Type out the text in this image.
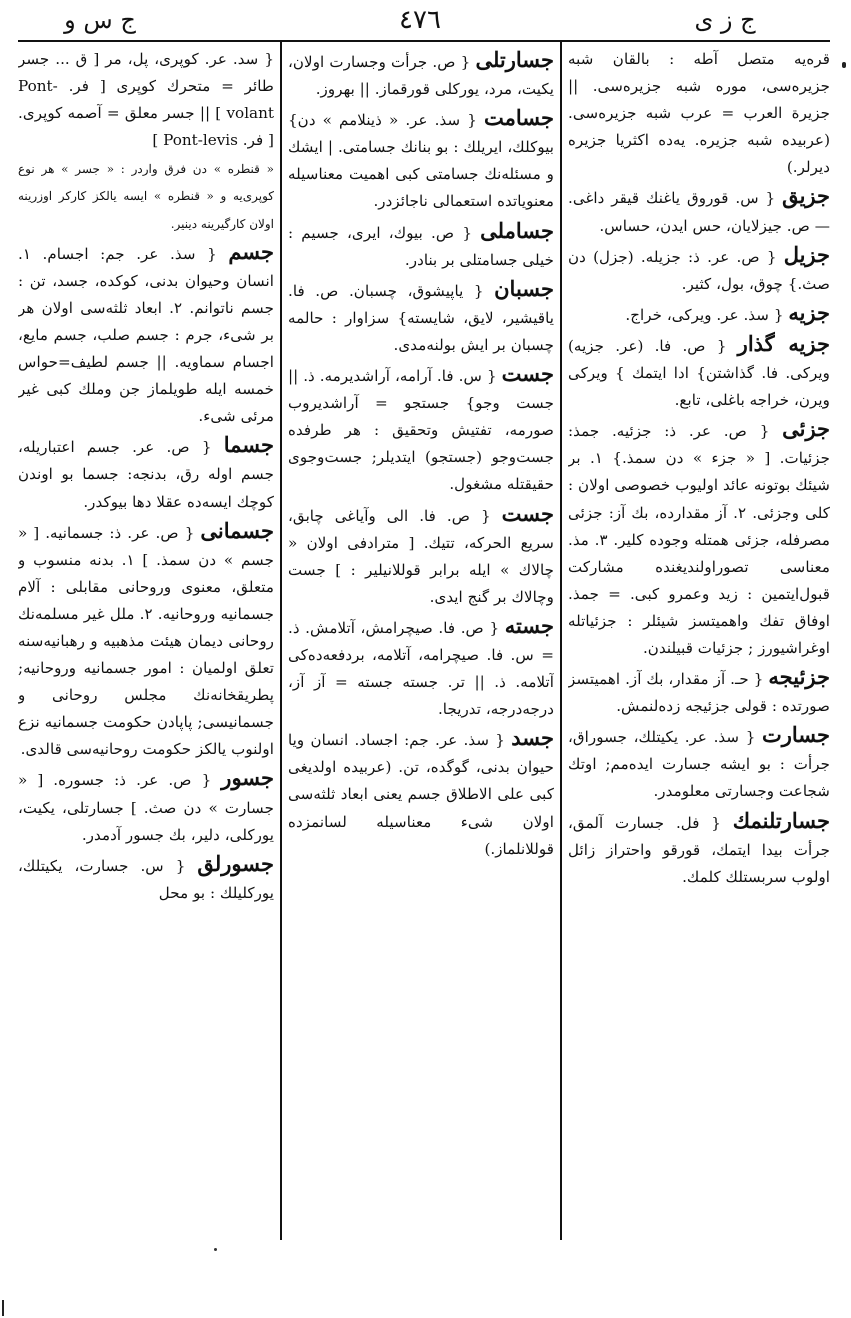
ج ز ی
٤٧٦
ج س و
قره‌یه متصل آطه : بالقان شبه جزیره‌سی، موره شبه جزیره‌سی. || جزیرة العرب = عرب شبه جزیره‌سی. (عربیده شبه جزیره. یه‌ده اکثریا جزیره دیرلر.)
جزیق { س. قوروق یاغنك قیقر داغی. — ص. جیزلایان، حس ایدن، حساس.
جزیل { ص. عر. ذ: جزیله. (جزل) دن صث.} چوق، بول، کثیر.
جزیه { سذ. عر. ویرکی، خراج.
جزیه گذار { ص. فا. (عر. جزیه) ویرکی. فا. گذاشتن} ادا ایتمك } ویرکی ویرن، خراجه باغلی، تابع.
جزئی { ص. عر. ذ: جزئیه. جمذ: جزئیات. [ « جزء » دن سمذ.} ١. بر شیئك بوتونه عائد اولیوب خصوصی اولان : کلی وجزئی. ٢. آز مقدارده، بك آز: جزئی مصرفله، جزئی همتله وجوده کلیر. ٣. مذ. معناسی تصوراولندیغنده مشارکت قبول‌ایتمین : زید وعمرو کبی. = جمذ. اوفاق تفك واهمیتسز شیئلر : جزئیاتله اوغراشیورز ; جزئیات قبیلندن.
جزئیجه { حـ. آز مقدار، بك آز. اهمیتسز صورتده : قولی جزئیجه زده‌لنمش.
جسارت { سذ. عر. یکیتلك، جسوراق، جرأت : بو ایشه جسارت ایده‌مم; اوتك شجاعت وجسارتی معلومدر.
جسارتلنمك { فل. جسارت آلمق، جرأت بیدا ایتمك، قورقو واحتراز زائل اولوب سربستلك کلمك.
جسارتلی { ص. جرأت وجسارت اولان، یکیت، مرد، یورکلی قورقماز. || بهروز.
جسامت { سذ. عر. « ذینلامم » دن} بیوکلك، ایریلك : بو بنانك جسامتی. | ایشك و مسئله‌نك جسامتی کبی اهمیت معناسیله معنویاتده استعمالی ناجائزدر.
جساملی { ص. بیوك، ایری، جسیم : خیلی جسامتلی بر بنادر.
جسبان { یاپیشوق، چسبان. ص. فا. یاقیشیر، لایق، شایسته} سزاوار : حالمه چسبان بر ایش بولنه‌مدی.
جست { س. فا. آرامه، آراشدیرمه. ذ. || جست وجو} جستجو = آراشدیروب صورمه، تفتیش وتحقیق : هر طرفده جست‌وجو (جستجو) ایتدیلر; جست‌وجوی حقیقتله مشغول.
جست { ص. فا. الی وآیاغی چابق، سریع الحرکه، تتیك. [ مترادفی اولان « چالاك » ایله برابر قوللانیلیر : ] جست وچالاك بر گنج ایدی.
جسته { ص. فا. صیچرامش، آتلامش. ذ. = س. فا. صیچرامه، آتلامه، بردفعه‌ده‌کی آتلامه. ذ. || تر. جسته جسته = آز آز، درجه‌درجه، تدریجا.
جسد { سذ. عر. جم: اجساد. انسان ویا حیوان بدنی، گوگده، تن. (عربیده اولدیغی کبی علی الاطلاق جسم یعنی ابعاد ثلثه‌سی اولان شیء معناسیله لسانمزده قوللانلماز.)
{ سد. عر. کوپری، پل، مر [ ق ... جسر طائر = متحرك کوپری [ فر. Pont-volant ] || جسر معلق = آصمه کوپری. [ فر. Pont-levis ]
« قنطره » دن فرق واردر : « جسر » هر نوع کوپری‌یه و « قنطره » ایسه یالکز کارکر اوزرینه اولان کارگیرینه دینیر.
جسم { سذ. عر. جم: اجسام. ١. انسان وحیوان بدنی، کوکده، جسد، تن : جسم ناتوانم. ٢. ابعاد ثلثه‌سی اولان هر بر شیء، جرم : جسم صلب، جسم مایع، اجسام سماویه. || جسم لطیف=حواس خمسه ایله طویلماز جن وملك کبی غیر مرئی شیء.
جسما { ص. عر. جسم اعتباریله، جسم اوله رق، بدنجه: جسما بو اوندن کوچك ایسه‌ده عقلا دها بیوکدر.
جسمانی { ص. عر. ذ: جسمانیه. [ « جسم » دن سمذ. ] ١. بدنه منسوب و متعلق، معنوی وروحانی مقابلی : آلام جسمانیه وروحانیه. ٢. ملل غیر مسلمه‌نك روحانی دیمان هیئت مذهبیه و رهبانیه‌سنه تعلق اولمیان : امور جسمانیه وروحانیه; پطریقخانه‌نك مجلس روحانی و جسمانیسی; پاپادن حکومت جسمانیه نزع اولنوب یالکز حکومت روحانیه‌سی قالدی.
جسور { ص. عر. ذ: جسوره. [ « جسارت » دن صث. ] جسارتلی، یکیت، یورکلی، دلیر، بك جسور آدمدر.
جسورلق { س. جسارت، یکیتلك، یورکلیلك : بو محل
